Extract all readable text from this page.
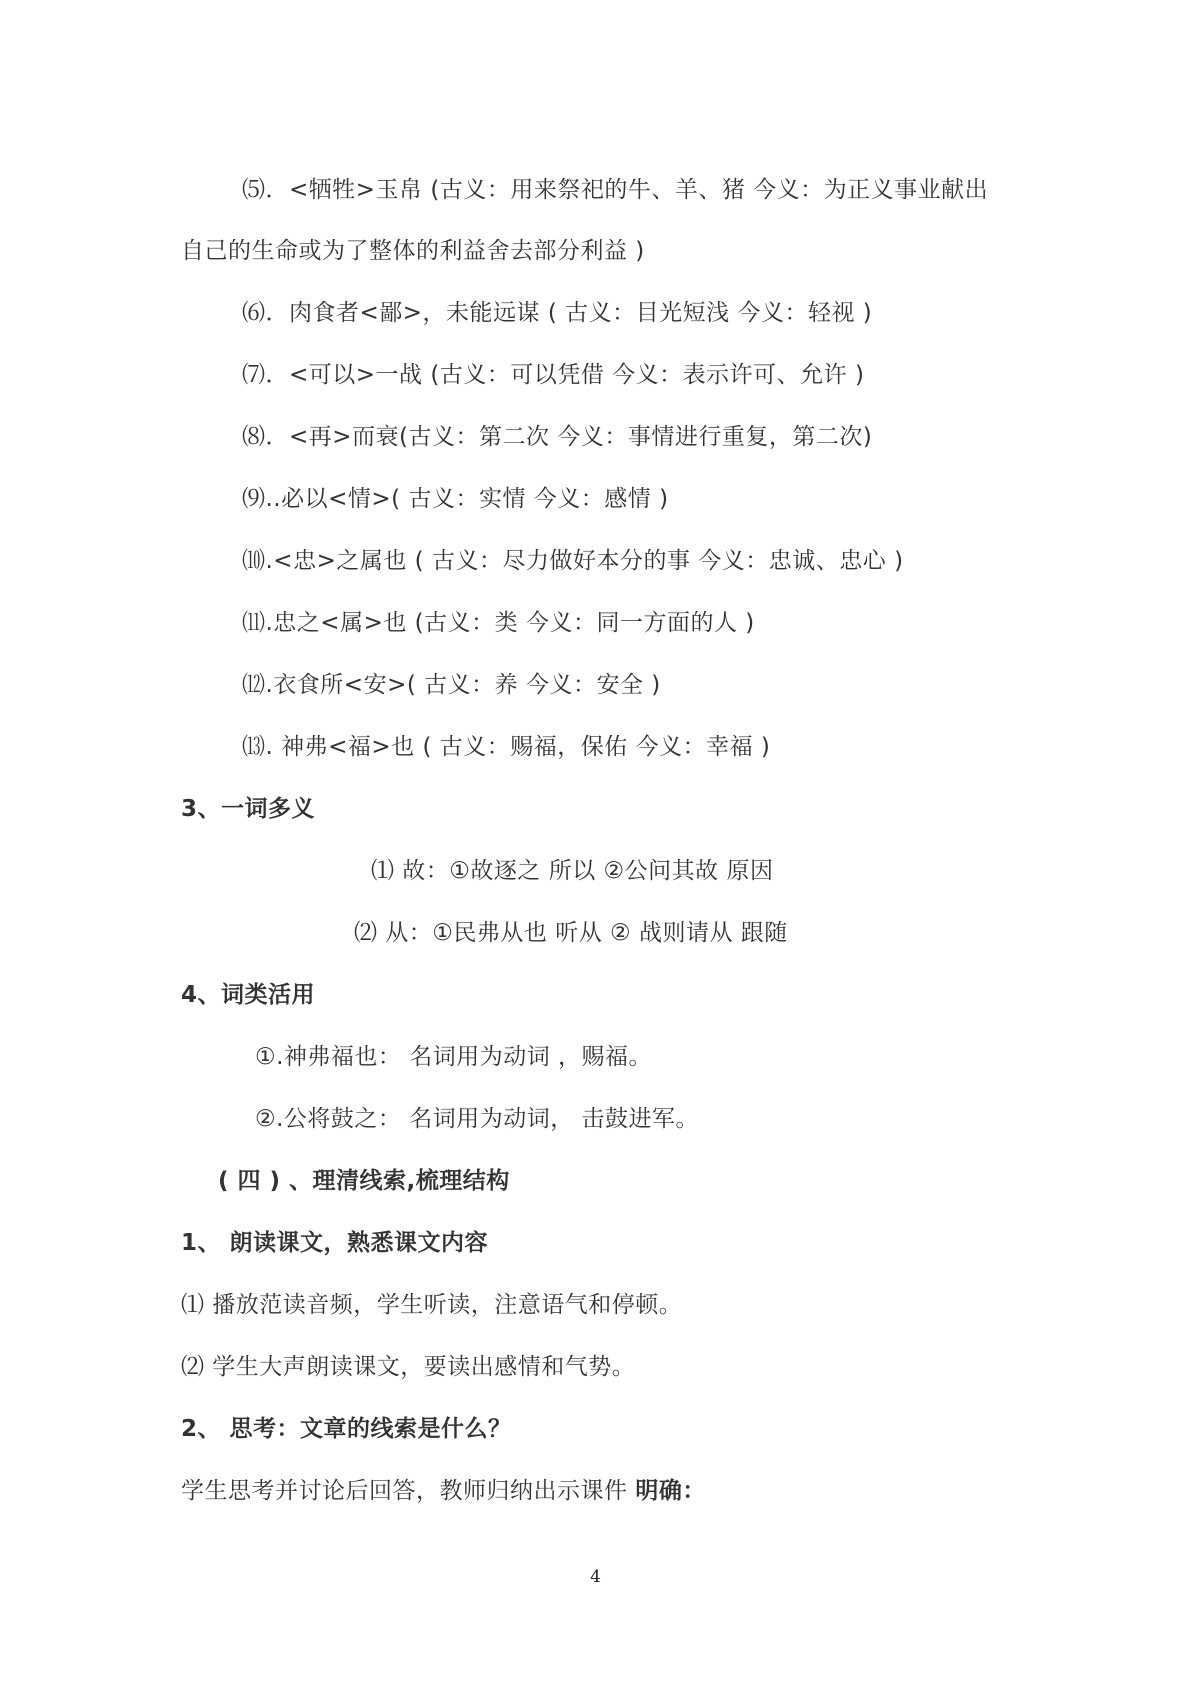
⑸．<牺牲>玉帛 (古义：用来祭祀的牛、羊、猪 今义：为正义事业献出
自己的生命或为了整体的利益舍去部分利益 )
⑹．肉食者<鄙>，未能远谋 ( 古义：目光短浅 今义：轻视 )
⑺．<可以>一战 (古义：可以凭借 今义：表示许可、允许 )
⑻．<再>而衰(古义：第二次 今义：事情进行重复，第二次)
⑼..必以<情>( 古义：实情 今义：感情 )
⑽.<忠>之属也 ( 古义：尽力做好本分的事 今义：忠诚、忠心 )
⑾.忠之<属>也 (古义：类 今义：同一方面的人 )
⑿.衣食所<安>( 古义：养 今义：安全 )
⒀. 神弗<福>也 ( 古义：赐福，保佑 今义：幸福 )
3、一词多义
⑴ 故：①故逐之 所以 ②公问其故 原因
⑵ 从：①民弗从也 听从 ② 战则请从 跟随
4、词类活用
①.神弗福也： 名词用为动词 ，赐福。
②.公将鼓之： 名词用为动词， 击鼓进军。
( 四 ) 、理清线索,梳理结构
1、 朗读课文，熟悉课文内容
⑴ 播放范读音频，学生听读，注意语气和停顿。
⑵ 学生大声朗读课文，要读出感情和气势。
2、 思考：文章的线索是什么？
学生思考并讨论后回答，教师归纳出示课件 明确：
4
